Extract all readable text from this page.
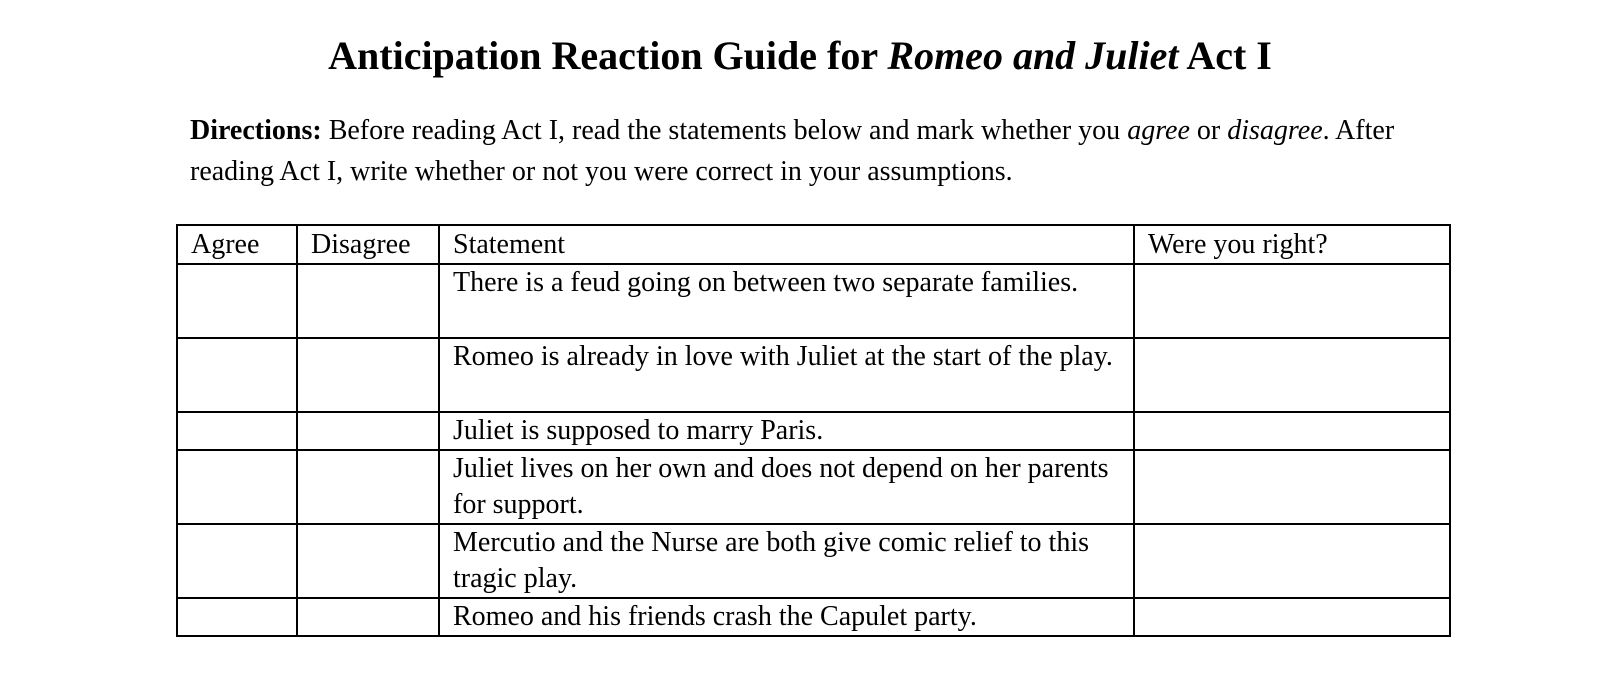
Anticipation Reaction Guide for Romeo and Juliet Act I

Directions: Before reading Act I, read the statements below and mark whether you agree or disagree. After reading Act I, write whether or not you were correct in your assumptions.

Agree	Disagree	Statement	Were you right?
		There is a feud going on between two separate families.	
		Romeo is already in love with Juliet at the start of the play.	
		Juliet is supposed to marry Paris.	
		Juliet lives on her own and does not depend on her parents for support.	
		Mercutio and the Nurse are both give comic relief to this tragic play.	
		Romeo and his friends crash the Capulet party.	
